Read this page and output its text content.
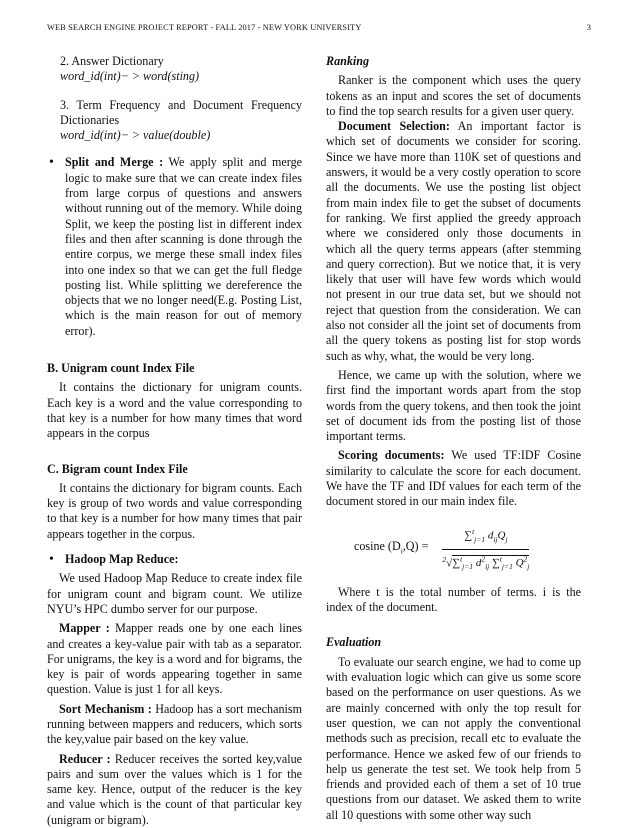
WEB SEARCH ENGINE PROJECT REPORT - FALL 2017 - NEW YORK UNIVERSITY	3
2. Answer Dictionary
word_id(int)− > word(sting)

3. Term Frequency and Document Frequency Dictionaries

word_id(int)− > value(double)
• Split and Merge : We apply split and merge logic to make sure that we can create index files from large corpus of questions and answers without running out of the memory. While doing Split, we keep the posting list in different index files and then after scanning is done through the entire corpus, we merge these small index files into one index so that we can get the full fledge posting list. While splitting we dereference the objects that we no longer need(E.g. Posting List, which is the main reason for out of memory error).
B. Unigram count Index File

It contains the dictionary for unigram counts. Each key is a word and the value corresponding to that key is a number for how many times that word appears in the corpus

C. Bigram count Index File

It contains the dictionary for bigram counts. Each key is group of two words and value corresponding to that key is a number for how many times that pair appears together in the corpus.

• Hadoop Map Reduce:

We used Hadoop Map Reduce to create index file for unigram count and bigram count. We utilize NYU’s HPC dumbo server for our purpose.

Mapper : Mapper reads one by one each lines and creates a key-value pair with tab as a separator. For unigrams, the key is a word and for bigrams, the key is pair of words appearing together in same question. Value is just 1 for all keys.

Sort Mechanism : Hadoop has a sort mechanism running between mappers and reducers, which sorts the key,value pair based on the key value.

Reducer : Reducer receives the sorted key,value pairs and sum over the values which is 1 for the same key. Hence, output of the reducer is the key and value which is the count of that particular key (unigram or bigram).

Ranking

Ranker is the component which uses the query tokens as an input and scores the set of documents to find the top search results for a given user query.

Document Selection: An important factor is which set of documents we consider for scoring. Since we have more than 110K set of questions and answers, it would be a very costly operation to score all the documents. We use the posting list object from main index file to get the subset of documents for ranking. We first applied the greedy approach where we considered only those documents in which all the query terms appears (after stemming and query correction). But we notice that, it is very likely that user will have few words which would not present in our true data set, but we should not reject that question from the consideration. We can also not consider all the joint set of documents from all the query tokens as posting list for stop words such as why, what, the would be very long.

Hence, we came up with the solution, where we first find the important words apart from the stop words from the query tokens, and then took the joint set of document ids from the posting list of those important terms.

Scoring documents: We used TF:IDF Cosine similarity to calculate the score for each document. We have the TF and IDf values for each term of the document stored in our main index file.

cosine $(D_i,Q) = \frac{\sum^t_{j=1} d_{ij}Q_j}{^2√\sum^t_{j=1} d^2_{ij} \sum^t_{j=1} Q^2_j}$

Where t is the total number of terms. i is the index of the document.

Evaluation

To evaluate our search engine, we had to come up with evaluation logic which can give us some score based on the performance on user questions. As we are mainly concerned with only the top result for user question, we can not apply the conventional methods such as precision, recall etc to evaluate the performance. Hence we asked few of our friends to help us generate the test set. We took help from 5 friends and provided each of them a set of 10 true questions from our dataset. We asked them to write all 10 questions with some other way such
